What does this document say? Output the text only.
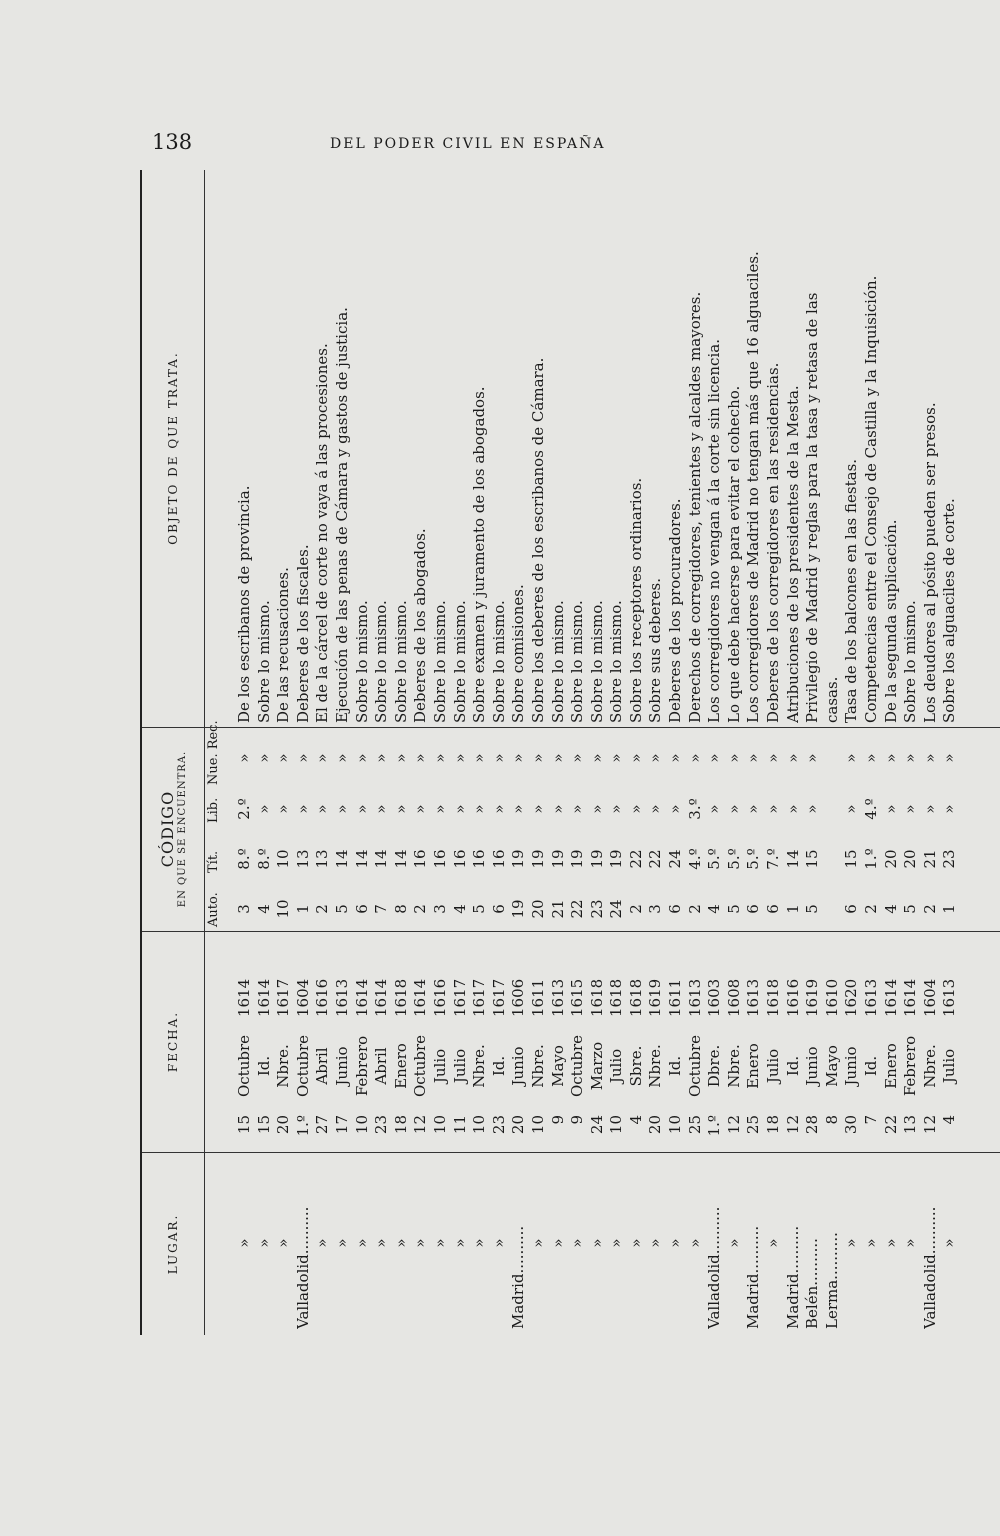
138	DEL PODER CIVIL EN ESPAÑA
LUGAR.
FECHA.
CÓDIGO EN QUE SE ENCUENTRA.
OBJETO DE QUE TRATA.
Auto.
Tít.
Lib.
Nue. Rec.
»
15
Octubre
1614
3
8.º
2.º
»
De los escribanos de provincia.
»
15
Id.
1614
4
8.º
»
»
Sobre lo mismo.
»
20
Nbre.
1617
10
10
»
»
De las recusaciones.
Valladolid..........
1.º
Octubre
1604
1
13
»
»
Deberes de los fiscales.
»
27
Abril
1616
2
13
»
»
El de la cárcel de corte no vaya á las procesiones.
»
17
Junio
1613
5
14
»
»
Ejecución de las penas de Cámara y gastos de justicia.
»
10
Febrero
1614
6
14
»
»
Sobre lo mismo.
»
23
Abril
1614
7
14
»
»
Sobre lo mismo.
»
18
Enero
1618
8
14
»
»
Sobre lo mismo.
»
12
Octubre
1614
2
16
»
»
Deberes de los abogados.
»
10
Julio
1616
3
16
»
»
Sobre lo mismo.
»
11
Julio
1617
4
16
»
»
Sobre lo mismo.
»
10
Nbre.
1617
5
16
»
»
Sobre examen y juramento de los abogados.
»
23
Id.
1617
6
16
»
»
Sobre lo mismo.
Madrid..........
20
Junio
1606
19
19
»
»
Sobre comisiones.
»
10
Nbre.
1611
20
19
»
»
Sobre los deberes de los escribanos de Cámara.
»
9
Mayo
1613
21
19
»
»
Sobre lo mismo.
»
9
Octubre
1615
22
19
»
»
Sobre lo mismo.
»
24
Marzo
1618
23
19
»
»
Sobre lo mismo.
»
10
Julio
1618
24
19
»
»
Sobre lo mismo.
»
4
Sbre.
1618
2
22
»
»
Sobre los receptores ordinarios.
»
20
Nbre.
1619
3
22
»
»
Sobre sus deberes.
»
10
Id.
1611
6
24
»
»
Deberes de los procuradores.
»
25
Octubre
1613
2
4.º
3.º
»
Derechos de corregidores, tenientes y alcaldes mayores.
Valladolid..........
1.º
Dbre.
1603
4
5.º
»
»
Los corregidores no vengan á la corte sin licencia.
»
12
Nbre.
1608
5
5.º
»
»
Lo que debe hacerse para evitar el cohecho.
Madrid..........
25
Enero
1613
6
5.º
»
»
Los corregidores de Madrid no tengan más que 16 alguaciles.
»
18
Julio
1618
6
7.º
»
»
Deberes de los corregidores en las residencias.
Madrid..........
12
Id.
1616
1
14
»
»
Atribuciones de los presidentes de la Mesta.
Belén..........
28
Junio
1619
5
15
»
»
Privilegio de Madrid y reglas para la tasa y retasa de las
Lerma..........
8
Mayo
1610
casas.
»
30
Junio
1620
6
15
»
»
Tasa de los balcones en las fiestas.
»
7
Id.
1613
2
1.º
4.º
»
Competencias entre el Consejo de Castilla y la Inquisición.
»
22
Enero
1614
4
20
»
»
De la segunda suplicación.
»
13
Febrero
1614
5
20
»
»
Sobre lo mismo.
Valladolid..........
12
Nbre.
1604
2
21
»
»
Los deudores al pósito pueden ser presos.
»
4
Julio
1613
1
23
»
»
Sobre los alguaciles de corte.
